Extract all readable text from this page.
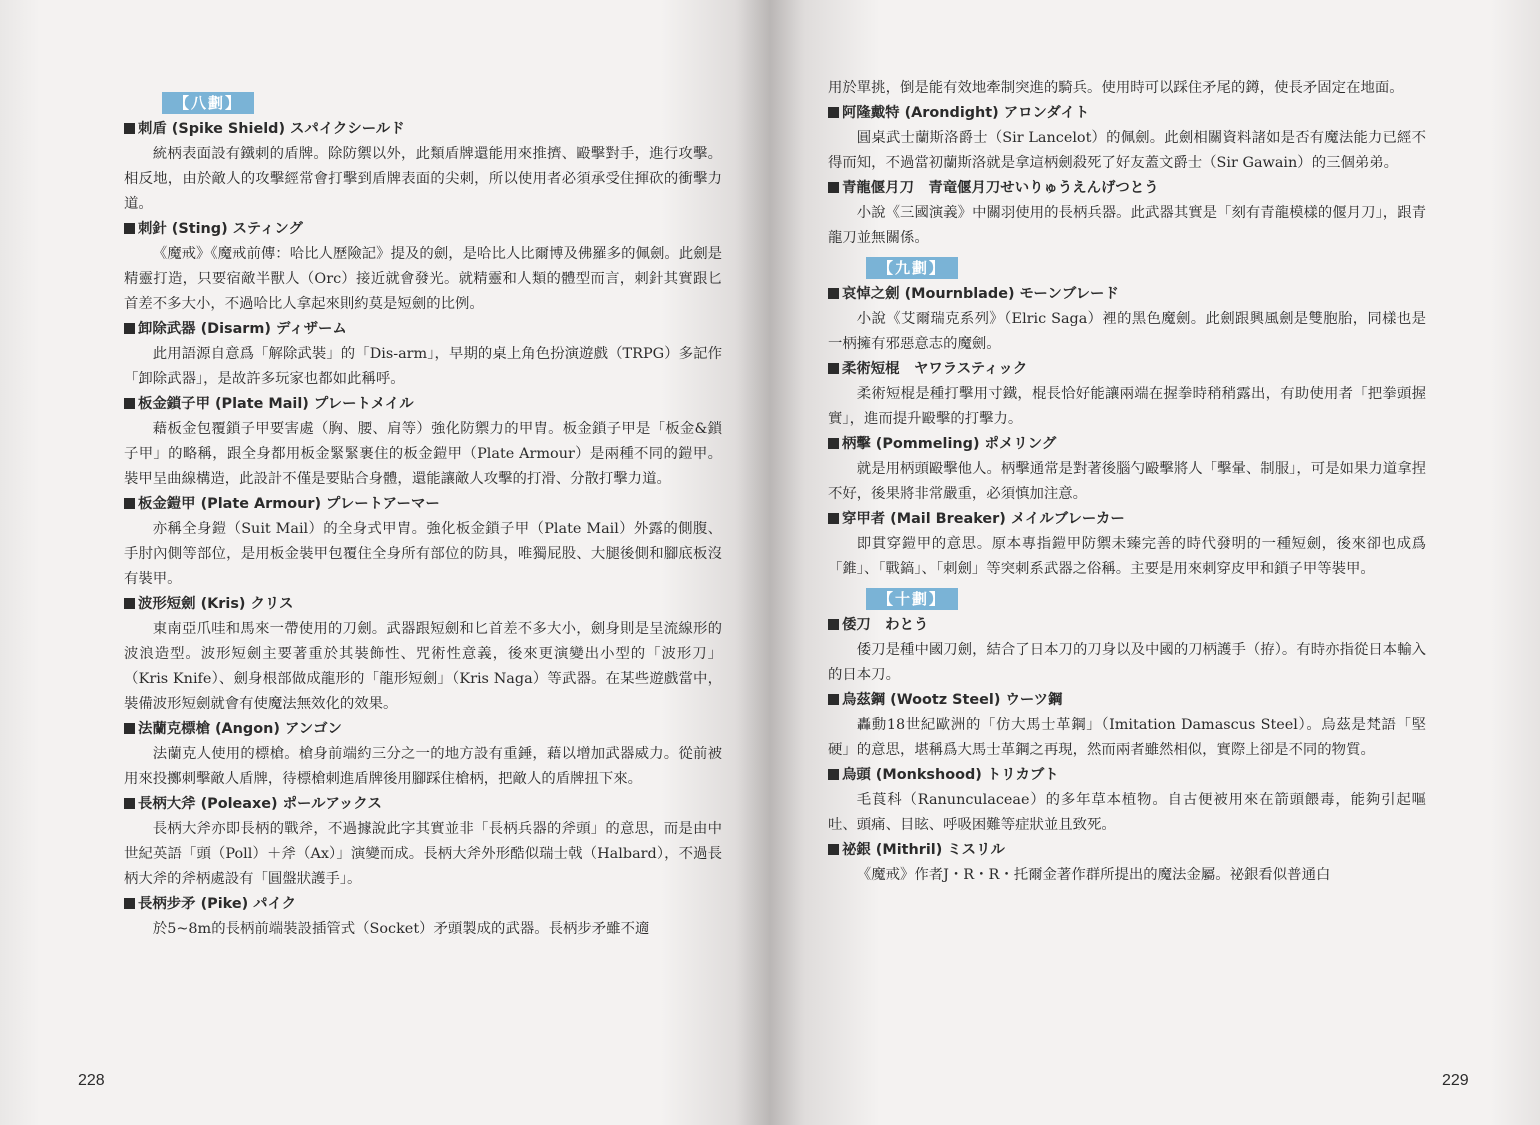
【八劃】

刺盾 (Spike Shield) スパイクシールド

統柄表面設有鐵刺的盾牌。除防禦以外，此類盾牌還能用來推擠、毆擊對手，進行攻擊。相反地，由於敵人的攻擊經常會打擊到盾牌表面的尖刺，所以使用者必須承受住揮砍的衝擊力道。

刺針 (Sting) スティング

《魔戒》《魔戒前傳：哈比人歷險記》提及的劍，是哈比人比爾博及佛羅多的佩劍。此劍是精靈打造，只要宿敵半獸人（Orc）接近就會發光。就精靈和人類的體型而言，刺針其實跟匕首差不多大小，不過哈比人拿起來則約莫是短劍的比例。

卸除武器 (Disarm) ディザーム

此用語源自意爲「解除武裝」的「Dis-arm」，早期的桌上角色扮演遊戲（TRPG）多記作「卸除武器」，是故許多玩家也都如此稱呼。

板金鎖子甲 (Plate Mail) プレートメイル

藉板金包覆鎖子甲要害處（胸、腰、肩等）強化防禦力的甲胄。板金鎖子甲是「板金&鎖子甲」的略稱，跟全身都用板金緊緊裹住的板金鎧甲（Plate Armour）是兩種不同的鎧甲。裝甲呈曲線構造，此設計不僅是要貼合身體，還能讓敵人攻擊的打滑、分散打擊力道。

板金鎧甲 (Plate Armour) プレートアーマー

亦稱全身鎧（Suit Mail）的全身式甲胄。強化板金鎖子甲（Plate Mail）外露的側腹、手肘內側等部位，是用板金裝甲包覆住全身所有部位的防具，唯獨屁股、大腿後側和腳底板沒有裝甲。

波形短劍 (Kris) クリス

東南亞爪哇和馬來一帶使用的刀劍。武器跟短劍和匕首差不多大小，劍身則是呈流線形的波浪造型。波形短劍主要著重於其裝飾性、咒術性意義，後來更演變出小型的「波形刀」（Kris Knife）、劍身根部做成龍形的「龍形短劍」（Kris Naga）等武器。在某些遊戲當中，裝備波形短劍就會有使魔法無效化的效果。

法蘭克標槍 (Angon) アンゴン

法蘭克人使用的標槍。槍身前端約三分之一的地方設有重錘，藉以增加武器威力。從前被用來投擲刺擊敵人盾牌，待標槍刺進盾牌後用腳踩住槍柄，把敵人的盾牌扭下來。

長柄大斧 (Poleaxe) ポールアックス

長柄大斧亦即長柄的戰斧，不過據說此字其實並非「長柄兵器的斧頭」的意思，而是由中世紀英語「頭（Poll）＋斧（Ax）」演變而成。長柄大斧外形酷似瑞士戟（Halbard），不過長柄大斧的斧柄處設有「圓盤狀護手」。

長柄步矛 (Pike) パイク

於5~8m的長柄前端裝設插管式（Socket）矛頭製成的武器。長柄步矛雖不適

228

用於單挑，倒是能有效地牽制突進的騎兵。使用時可以踩住矛尾的鐏，使長矛固定在地面。

阿隆戴特 (Arondight) アロンダイト

圓桌武士蘭斯洛爵士（Sir Lancelot）的佩劍。此劍相關資料諸如是否有魔法能力已經不得而知，不過當初蘭斯洛就是拿這柄劍殺死了好友蓋文爵士（Sir Gawain）的三個弟弟。

青龍偃月刀　青竜偃月刀せいりゅうえんげつとう

小說《三國演義》中關羽使用的長柄兵器。此武器其實是「刻有青龍模樣的偃月刀」，跟青龍刀並無關係。

【九劃】

哀悼之劍 (Mournblade) モーンブレード

小說《艾爾瑞克系列》（Elric Saga）裡的黑色魔劍。此劍跟興風劍是雙胞胎，同樣也是一柄擁有邪惡意志的魔劍。

柔術短棍　ヤワラスティック

柔術短棍是種打擊用寸鐵，棍長恰好能讓兩端在握拳時稍稍露出，有助使用者「把拳頭握實」，進而提升毆擊的打擊力。

柄擊 (Pommeling) ポメリング

就是用柄頭毆擊他人。柄擊通常是對著後腦勺毆擊將人「擊暈、制服」，可是如果力道拿捏不好，後果將非常嚴重，必須慎加注意。

穿甲者 (Mail Breaker) メイルブレーカー

即貫穿鎧甲的意思。原本專指鎧甲防禦未臻完善的時代發明的一種短劍，後來卻也成爲「錐」、「戰鎬」、「刺劍」等突刺系武器之俗稱。主要是用來刺穿皮甲和鎖子甲等裝甲。

【十劃】

倭刀　わとう

倭刀是種中國刀劍，結合了日本刀的刀身以及中國的刀柄護手（拵）。有時亦指從日本輸入的日本刀。

烏茲鋼 (Wootz Steel) ウーツ鋼

轟動18世紀歐洲的「仿大馬士革鋼」（Imitation Damascus Steel）。烏茲是梵語「堅硬」的意思，堪稱爲大馬士革鋼之再現，然而兩者雖然相似，實際上卻是不同的物質。

烏頭 (Monkshood) トリカブト

毛莨科（Ranunculaceae）的多年草本植物。自古便被用來在箭頭餵毒，能夠引起嘔吐、頭痛、目眩、呼吸困難等症狀並且致死。

祕銀 (Mithril) ミスリル

《魔戒》作者J・R・R・托爾金著作群所提出的魔法金屬。祕銀看似普通白

229
